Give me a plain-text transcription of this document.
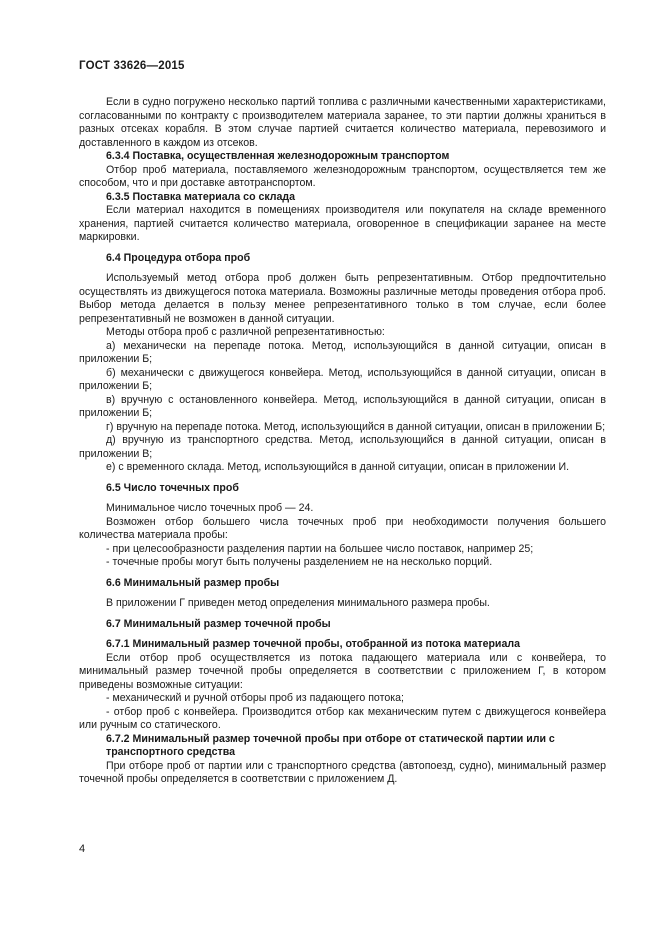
ГОСТ 33626—2015

Если в судно погружено несколько партий топлива с различными качественными характеристиками, согласованными по контракту с производителем материала заранее, то эти партии должны храниться в разных отсеках корабля. В этом случае партией считается количество материала, перевозимого и доставленного в каждом из отсеков.

6.3.4 Поставка, осуществленная железнодорожным транспортом

Отбор проб материала, поставляемого железнодорожным транспортом, осуществляется тем же способом, что и при доставке автотранспортом.

6.3.5 Поставка материала со склада

Если материал находится в помещениях производителя или покупателя на складе временного хранения, партией считается количество материала, оговоренное в спецификации заранее на месте маркировки.

6.4 Процедура отбора проб

Используемый метод отбора проб должен быть репрезентативным. Отбор предпочтительно осуществлять из движущегося потока материала. Возможны различные методы проведения отбора проб. Выбор метода делается в пользу менее репрезентативного только в том случае, если более репрезентативный не возможен в данной ситуации.

Методы отбора проб с различной репрезентативностью:

а) механически на перепаде потока. Метод, использующийся в данной ситуации, описан в приложении Б;

б) механически с движущегося конвейера. Метод, использующийся в данной ситуации, описан в приложении Б;

в) вручную с остановленного конвейера. Метод, использующийся в данной ситуации, описан в приложении Б;

г) вручную на перепаде потока. Метод, использующийся в данной ситуации, описан в приложении Б;

д) вручную из транспортного средства. Метод, использующийся в данной ситуации, описан в приложении В;

е) с временного склада. Метод, использующийся в данной ситуации, описан в приложении И.

6.5 Число точечных проб

Минимальное число точечных проб — 24.

Возможен отбор большего числа точечных проб при необходимости получения большего количества материала пробы:

- при целесообразности разделения партии на большее число поставок, например 25;

- точечные пробы могут быть получены разделением не на несколько порций.

6.6 Минимальный размер пробы

В приложении Г приведен метод определения минимального размера пробы.

6.7 Минимальный размер точечной пробы

6.7.1 Минимальный размер точечной пробы, отобранной из потока материала

Если отбор проб осуществляется из потока падающего материала или с конвейера, то минимальный размер точечной пробы определяется в соответствии с приложением Г, в котором приведены возможные ситуации:

- механический и ручной отборы проб из падающего потока;

- отбор проб с конвейера. Производится отбор как механическим путем с движущегося конвейера или ручным со статического.

6.7.2 Минимальный размер точечной пробы при отборе от статической партии или с транспортного средства

При отборе проб от партии или с транспортного средства (автопоезд, судно), минимальный размер точечной пробы определяется в соответствии с приложением Д.

4
